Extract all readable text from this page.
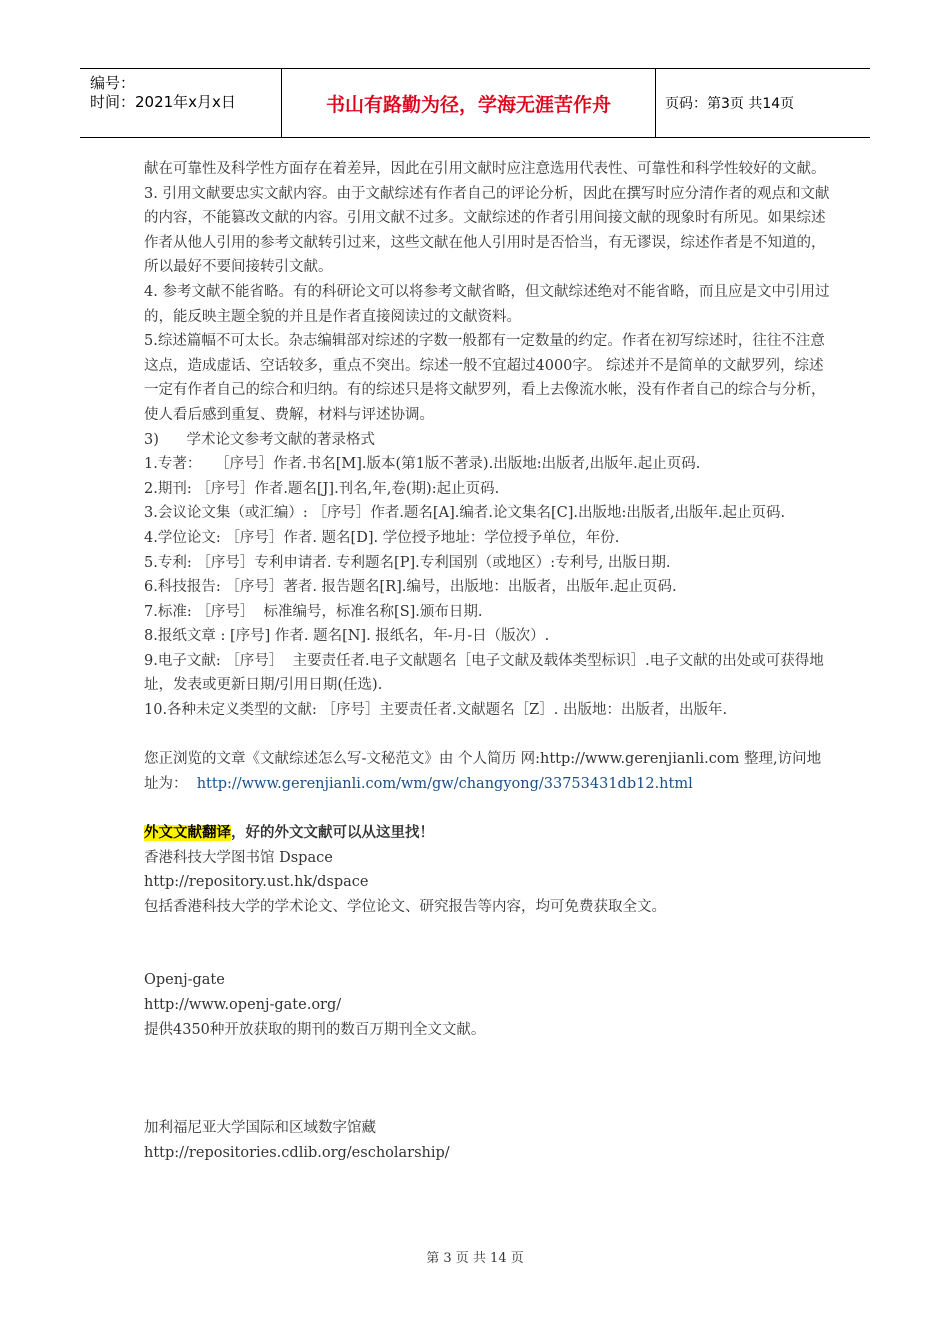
编号：
时间：2021年x月x日	书山有路勤为径，学海无涯苦作舟	页码：第3页 共14页

献在可靠性及科学性方面存在着差异，因此在引用文献时应注意选用代表性、可靠性和科学性较好的文献。

3. 引用文献要忠实文献内容。由于文献综述有作者自己的评论分析，因此在撰写时应分清作者的观点和文献的内容，不能篡改文献的内容。引用文献不过多。文献综述的作者引用间接文献的现象时有所见。如果综述作者从他人引用的参考文献转引过来，这些文献在他人引用时是否恰当，有无谬误，综述作者是不知道的，所以最好不要间接转引文献。

4. 参考文献不能省略。有的科研论文可以将参考文献省略，但文献综述绝对不能省略，而且应是文中引用过的，能反映主题全貌的并且是作者直接阅读过的文献资料。

5.综述篇幅不可太长。杂志编辑部对综述的字数一般都有一定数量的约定。作者在初写综述时，往往不注意这点，造成虚话、空话较多，重点不突出。综述一般不宜超过4000字。 综述并不是简单的文献罗列，综述一定有作者自己的综合和归纳。有的综述只是将文献罗列，看上去像流水帐，没有作者自己的综合与分析，使人看后感到重复、费解，材料与评述协调。

3)      学术论文参考文献的著录格式

1.专著：   ［序号］作者.书名[M].版本(第1版不著录).出版地:出版者,出版年.起止页码.

2.期刊: ［序号］作者.题名[J].刊名,年,卷(期):起止页码.

3.会议论文集（或汇编）: ［序号］作者.题名[A].编者.论文集名[C].出版地:出版者,出版年.起止页码.

4.学位论文: ［序号］作者. 题名[D]. 学位授予地址：学位授予单位，年份.

5.专利: ［序号］专利申请者. 专利题名[P].专利国别（或地区）:专利号, 出版日期.

6.科技报告: ［序号］著者. 报告题名[R].编号，出版地：出版者，出版年.起止页码.

7.标准: ［序号］  标准编号，标准名称[S].颁布日期.

8.报纸文章 : [序号] 作者. 题名[N]. 报纸名，年-月-日（版次）.

9.电子文献: ［序号］  主要责任者.电子文献题名［电子文献及载体类型标识］.电子文献的出处或可获得地址，发表或更新日期/引用日期(任选).

10.各种未定义类型的文献: ［序号］主要责任者.文献题名［Z］. 出版地：出版者，出版年.

您正浏览的文章《文献综述怎么写-文秘范文》由 个人简历 网:http://www.gerenjianli.com 整理,访问地址为： http://www.gerenjianli.com/wm/gw/changyong/33753431db12.html

外文文献翻译，好的外文文献可以从这里找！

香港科技大学图书馆 Dspace

http://repository.ust.hk/dspace

包括香港科技大学的学术论文、学位论文、研究报告等内容，均可免费获取全文。

Openj-gate

http://www.openj-gate.org/

提供4350种开放获取的期刊的数百万期刊全文文献。

加利福尼亚大学国际和区域数字馆藏

http://repositories.cdlib.org/escholarship/

第 3 页 共 14 页
